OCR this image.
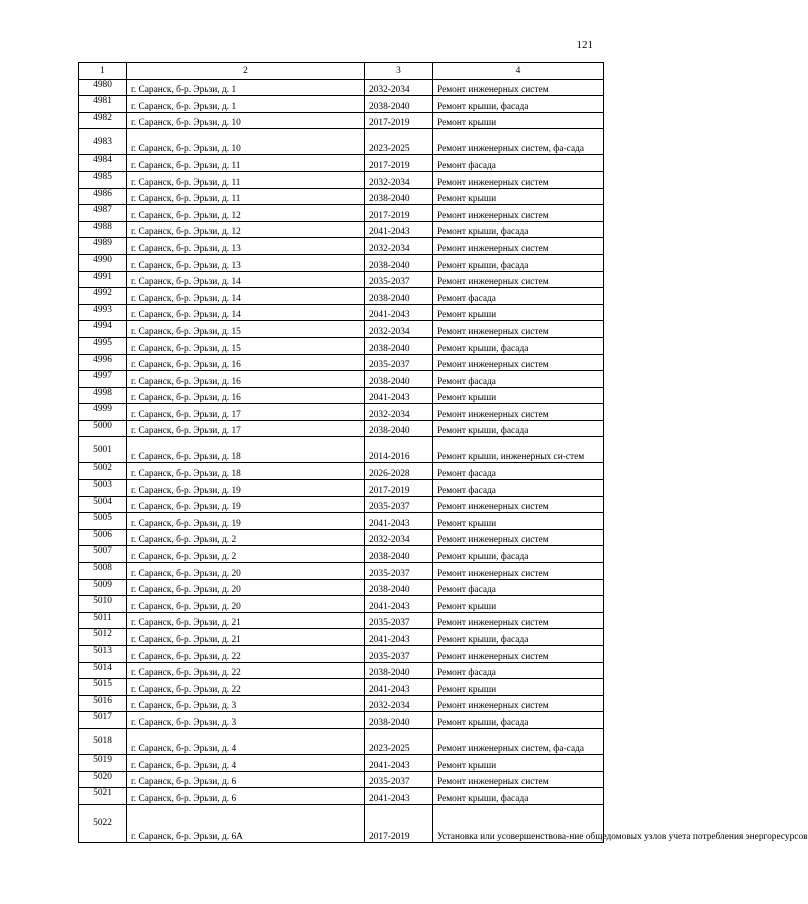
121
1	2	3	4
4980	г. Саранск, б-р. Эрьзи, д. 1	2032-2034	Ремонт инженерных систем
4981	г. Саранск, б-р. Эрьзи, д. 1	2038-2040	Ремонт крыши, фасада
4982	г. Саранск, б-р. Эрьзи, д. 10	2017-2019	Ремонт крыши
4983	г. Саранск, б-р. Эрьзи, д. 10	2023-2025	Ремонт инженерных систем, фа-сада
4984	г. Саранск, б-р. Эрьзи, д. 11	2017-2019	Ремонт фасада
4985	г. Саранск, б-р. Эрьзи, д. 11	2032-2034	Ремонт инженерных систем
4986	г. Саранск, б-р. Эрьзи, д. 11	2038-2040	Ремонт крыши
4987	г. Саранск, б-р. Эрьзи, д. 12	2017-2019	Ремонт инженерных систем
4988	г. Саранск, б-р. Эрьзи, д. 12	2041-2043	Ремонт крыши, фасада
4989	г. Саранск, б-р. Эрьзи, д. 13	2032-2034	Ремонт инженерных систем
4990	г. Саранск, б-р. Эрьзи, д. 13	2038-2040	Ремонт крыши, фасада
4991	г. Саранск, б-р. Эрьзи, д. 14	2035-2037	Ремонт инженерных систем
4992	г. Саранск, б-р. Эрьзи, д. 14	2038-2040	Ремонт фасада
4993	г. Саранск, б-р. Эрьзи, д. 14	2041-2043	Ремонт крыши
4994	г. Саранск, б-р. Эрьзи, д. 15	2032-2034	Ремонт инженерных систем
4995	г. Саранск, б-р. Эрьзи, д. 15	2038-2040	Ремонт крыши, фасада
4996	г. Саранск, б-р. Эрьзи, д. 16	2035-2037	Ремонт инженерных систем
4997	г. Саранск, б-р. Эрьзи, д. 16	2038-2040	Ремонт фасада
4998	г. Саранск, б-р. Эрьзи, д. 16	2041-2043	Ремонт крыши
4999	г. Саранск, б-р. Эрьзи, д. 17	2032-2034	Ремонт инженерных систем
5000	г. Саранск, б-р. Эрьзи, д. 17	2038-2040	Ремонт крыши, фасада
5001	г. Саранск, б-р. Эрьзи, д. 18	2014-2016	Ремонт крыши, инженерных си-стем
5002	г. Саранск, б-р. Эрьзи, д. 18	2026-2028	Ремонт фасада
5003	г. Саранск, б-р. Эрьзи, д. 19	2017-2019	Ремонт фасада
5004	г. Саранск, б-р. Эрьзи, д. 19	2035-2037	Ремонт инженерных систем
5005	г. Саранск, б-р. Эрьзи, д. 19	2041-2043	Ремонт крыши
5006	г. Саранск, б-р. Эрьзи, д. 2	2032-2034	Ремонт инженерных систем
5007	г. Саранск, б-р. Эрьзи, д. 2	2038-2040	Ремонт крыши, фасада
5008	г. Саранск, б-р. Эрьзи, д. 20	2035-2037	Ремонт инженерных систем
5009	г. Саранск, б-р. Эрьзи, д. 20	2038-2040	Ремонт фасада
5010	г. Саранск, б-р. Эрьзи, д. 20	2041-2043	Ремонт крыши
5011	г. Саранск, б-р. Эрьзи, д. 21	2035-2037	Ремонт инженерных систем
5012	г. Саранск, б-р. Эрьзи, д. 21	2041-2043	Ремонт крыши, фасада
5013	г. Саранск, б-р. Эрьзи, д. 22	2035-2037	Ремонт инженерных систем
5014	г. Саранск, б-р. Эрьзи, д. 22	2038-2040	Ремонт фасада
5015	г. Саранск, б-р. Эрьзи, д. 22	2041-2043	Ремонт крыши
5016	г. Саранск, б-р. Эрьзи, д. 3	2032-2034	Ремонт инженерных систем
5017	г. Саранск, б-р. Эрьзи, д. 3	2038-2040	Ремонт крыши, фасада
5018	г. Саранск, б-р. Эрьзи, д. 4	2023-2025	Ремонт инженерных систем, фа-сада
5019	г. Саранск, б-р. Эрьзи, д. 4	2041-2043	Ремонт крыши
5020	г. Саранск, б-р. Эрьзи, д. 6	2035-2037	Ремонт инженерных систем
5021	г. Саранск, б-р. Эрьзи, д. 6	2041-2043	Ремонт крыши, фасада
5022	г. Саранск, б-р. Эрьзи, д. 6А	2017-2019	Установка или усовершенствова-ние общедомовых узлов учета потребления энергоресурсов
